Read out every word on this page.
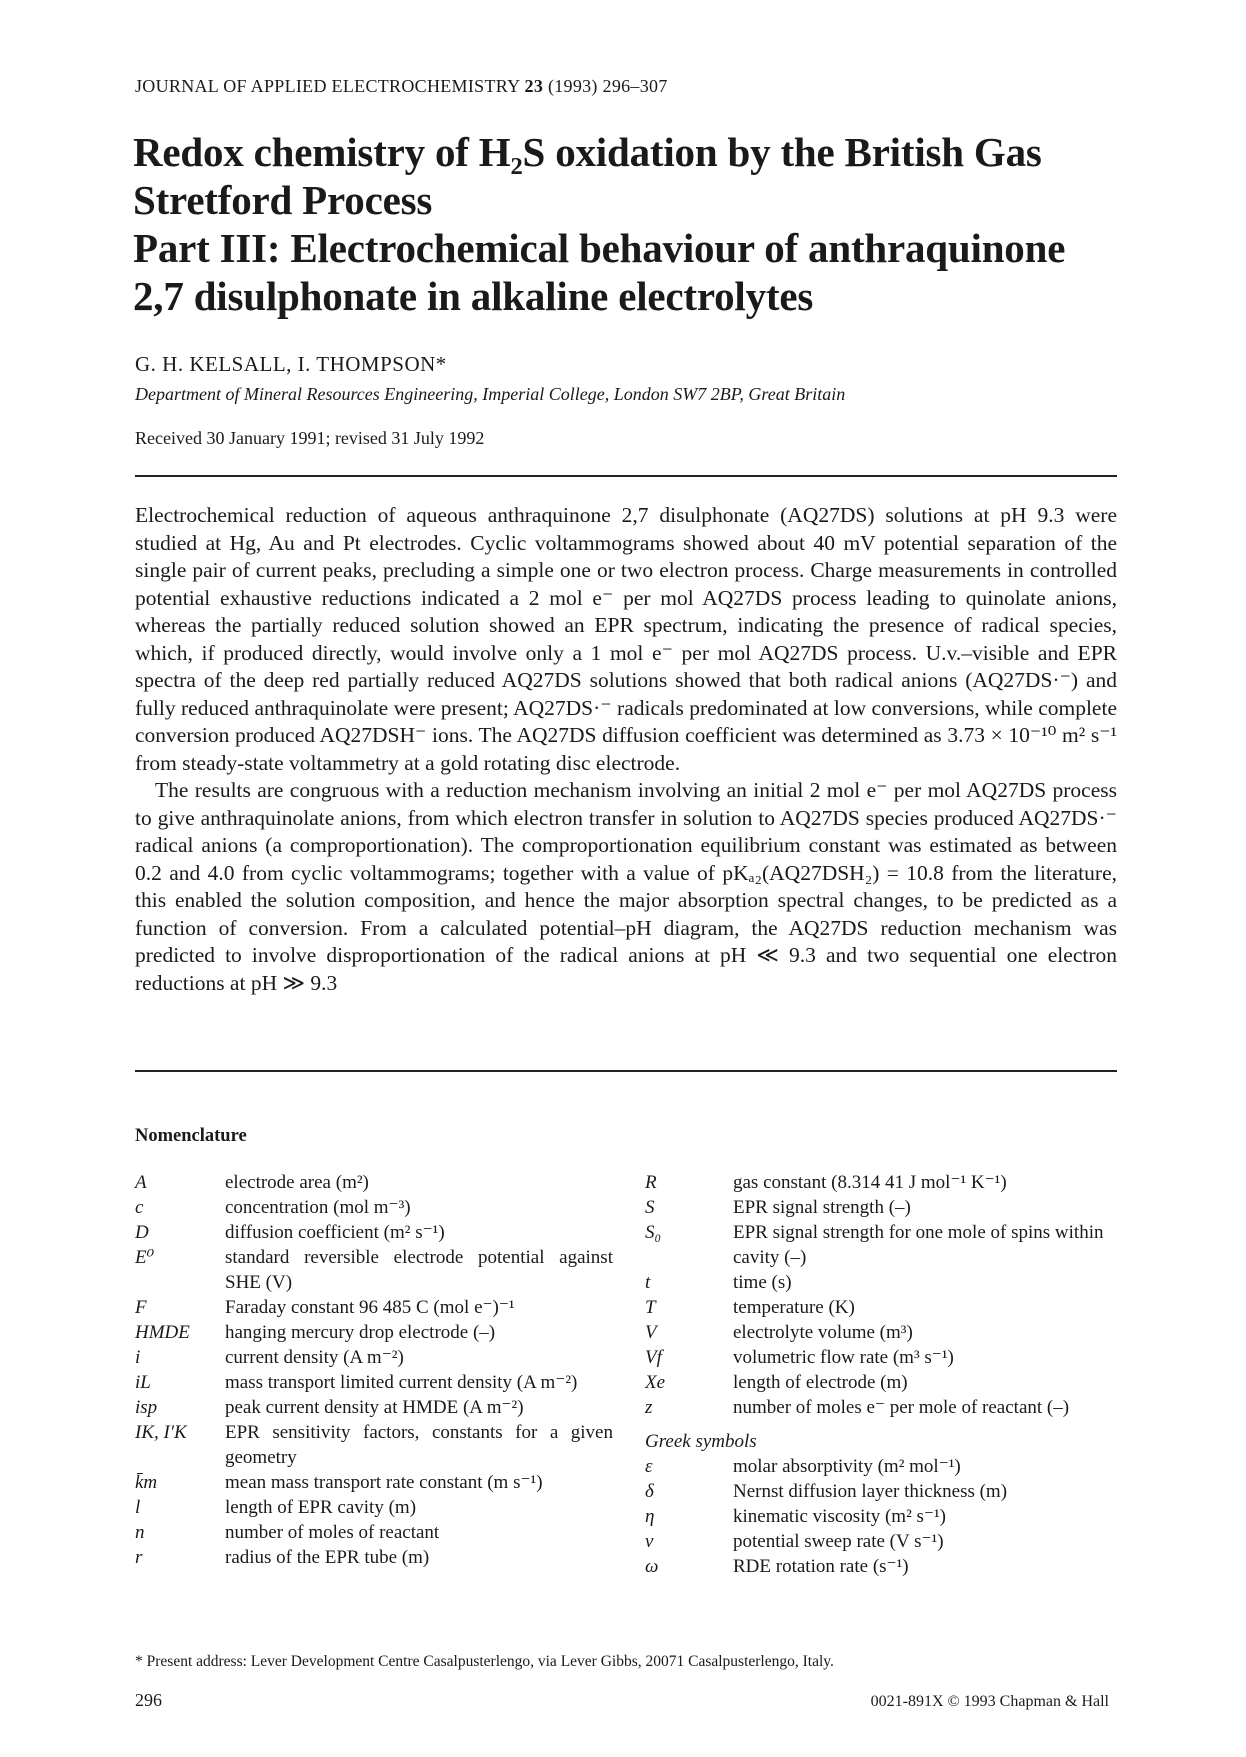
JOURNAL OF APPLIED ELECTROCHEMISTRY 23 (1993) 296–307
Redox chemistry of H₂S oxidation by the British Gas
Stretford Process
Part III: Electrochemical behaviour of anthraquinone
2,7 disulphonate in alkaline electrolytes
G. H. KELSALL, I. THOMPSON*
Department of Mineral Resources Engineering, Imperial College, London SW7 2BP, Great Britain
Received 30 January 1991; revised 31 July 1992

Electrochemical reduction of aqueous anthraquinone 2,7 disulphonate (AQ27DS) solutions at pH 9.3 were studied at Hg, Au and Pt electrodes. Cyclic voltammograms showed about 40 mV potential separation of the single pair of current peaks, precluding a simple one or two electron process. Charge measurements in controlled potential exhaustive reductions indicated a 2 mol e⁻ per mol AQ27DS process leading to quinolate anions, whereas the partially reduced solution showed an EPR spectrum, indicating the presence of radical species, which, if produced directly, would involve only a 1 mol e⁻ per mol AQ27DS process. U.v.–visible and EPR spectra of the deep red partially reduced AQ27DS solutions showed that both radical anions (AQ27DS·⁻) and fully reduced anthraquinolate were present; AQ27DS·⁻ radicals predominated at low conversions, while complete conversion produced AQ27DSH⁻ ions. The AQ27DS diffusion coefficient was determined as 3.73 × 10⁻¹⁰ m² s⁻¹ from steady-state voltammetry at a gold rotating disc electrode.

The results are congruous with a reduction mechanism involving an initial 2 mol e⁻ per mol AQ27DS process to give anthraquinolate anions, from which electron transfer in solution to AQ27DS species produced AQ27DS·⁻ radical anions (a comproportionation). The comproportionation equilibrium constant was estimated as between 0.2 and 4.0 from cyclic voltammograms; together with a value of pKₐ₂(AQ27DSH₂) = 10.8 from the literature, this enabled the solution composition, and hence the major absorption spectral changes, to be predicted as a function of conversion. From a calculated potential–pH diagram, the AQ27DS reduction mechanism was predicted to involve disproportionation of the radical anions at pH ≪ 9.3 and two sequential one electron reductions at pH ≫ 9.3

Nomenclature
A	electrode area (m²)
c	concentration (mol m⁻³)
D	diffusion coefficient (m² s⁻¹)
E⁰	standard reversible electrode potential against SHE (V)
F	Faraday constant 96 485 C (mol e⁻)⁻¹
HMDE	hanging mercury drop electrode (–)
i	current density (A m⁻²)
iL	mass transport limited current density (A m⁻²)
isp	peak current density at HMDE (A m⁻²)
IK, I′K	EPR sensitivity factors, constants for a given geometry
k̄m	mean mass transport rate constant (m s⁻¹)
l	length of EPR cavity (m)
n	number of moles of reactant
r	radius of the EPR tube (m)
R	gas constant (8.314 41 J mol⁻¹ K⁻¹)
S	EPR signal strength (–)
S₀	EPR signal strength for one mole of spins within cavity (–)
t	time (s)
T	temperature (K)
V	electrolyte volume (m³)
Vf	volumetric flow rate (m³ s⁻¹)
Xe	length of electrode (m)
z	number of moles e⁻ per mole of reactant (–)
Greek symbols
ε	molar absorptivity (m² mol⁻¹)
δ	Nernst diffusion layer thickness (m)
η	kinematic viscosity (m² s⁻¹)
ν	potential sweep rate (V s⁻¹)
ω	RDE rotation rate (s⁻¹)
* Present address: Lever Development Centre Casalpusterlengo, via Lever Gibbs, 20071 Casalpusterlengo, Italy.
296	0021-891X © 1993 Chapman & Hall
